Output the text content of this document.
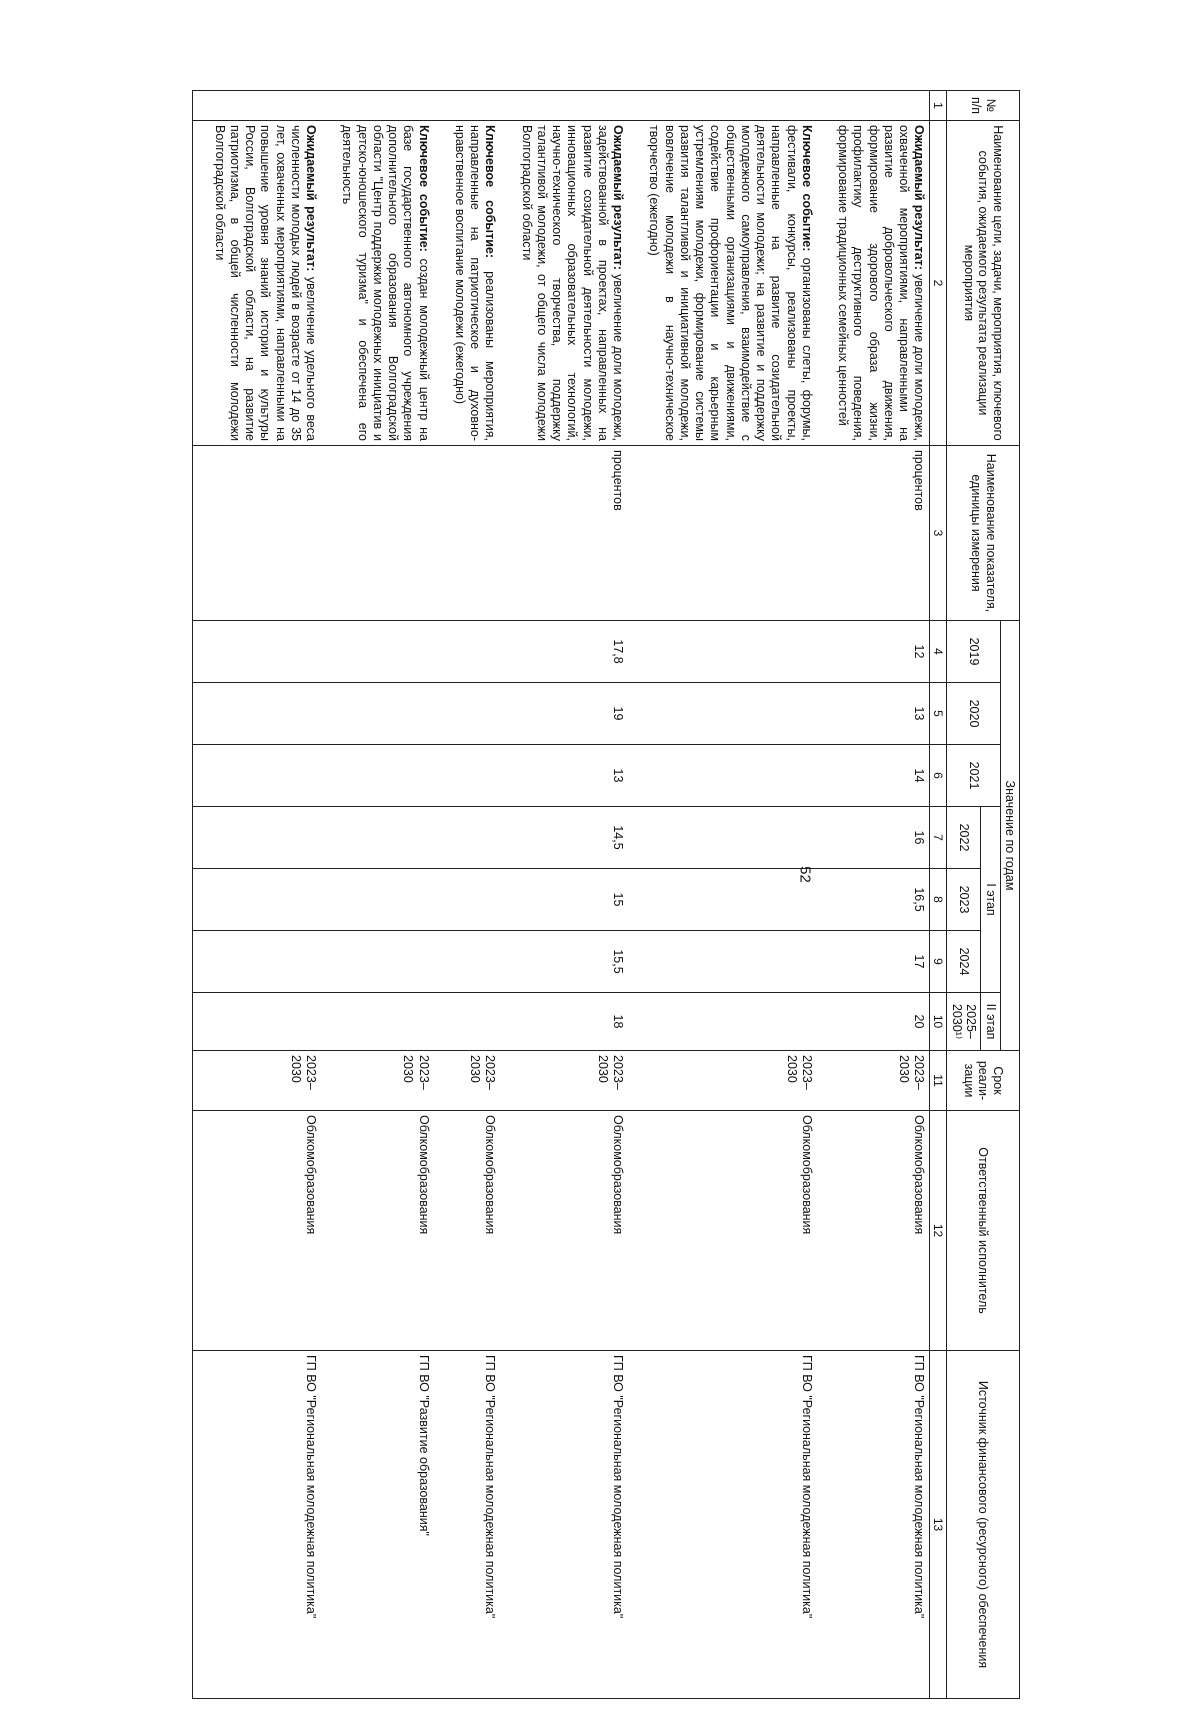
52
№ п/п	Наименование цели, задачи, мероприятия, ключевого события, ожидаемого результата реализации мероприятия	Наименование показателя, единицы измерения	Значение по годам							Срок реали-зации	Ответственный исполнитель	Источник финансового (ресурсного) обеспечения
			2019	2020	2021	I этап			II этап			
						2022	2023	2024	2025–2030¹⁾			
1	2	3	4	5	6	7	8	9	10	11	12	13
	Ожидаемый результат: увеличение доли молодежи, охваченной мероприятиями, направленными на развитие добровольческого движения, формирование здорового образа жизни, профилактику деструктивного поведения, формирование традиционных семейных ценностей	процентов	12	13	14	16	16,5	17	20	2023–2030	Облкомобразования	ГП ВО "Региональная молодежная политика"
	Ключевое событие: организованы слеты, форумы, фестивали, конкурсы, реализованы проекты, направленные на развитие созидательной деятельности молодежи; на развитие и поддержку молодежного самоуправления, взаимодействие с общественными организациями и движениями, содействие профориентации и карьерным устремлениям молодежи, формирование системы развития талантливой и инициативной молодежи, вовлечение молодежи в научно-техническое творчество (ежегодно)									2023–2030	Облкомобразования	ГП ВО "Региональная молодежная политика"
	Ожидаемый результат: увеличение доли молодежи, задействованной в проектах, направленных на развитие созидательной деятельности молодежи, инновационных образовательных технологий, научно-технического творчества, поддержку талантливой молодежи, от общего числа молодежи Волгоградской области	процентов	17,8	19	13	14,5	15	15,5	18	2023–2030	Облкомобразования	ГП ВО "Региональная молодежная политика"
	Ключевое событие: реализованы мероприятия, направленные на патриотическое и духовно-нравственное воспитание молодежи (ежегодно)									2023–2030	Облкомобразования	ГП ВО "Региональная молодежная политика"
	Ключевое событие: создан молодежный центр на базе государственного автономного учреждения дополнительного образования Волгоградской области "Центр поддержки молодежных инициатив и детско-юношеского туризма" и обеспечена его деятельность									2023–2030	Облкомобразования	ГП ВО "Развитие образования"
	Ожидаемый результат: увеличение удельного веса численности молодых людей в возрасте от 14 до 35 лет, охваченных мероприятиями, направленными на повышение уровня знаний истории и культуры России, Волгоградской области, на развитие патриотизма, в общей численности молодежи Волгоградской области									2023–2030	Облкомобразования	ГП ВО "Региональная молодежная политика"
